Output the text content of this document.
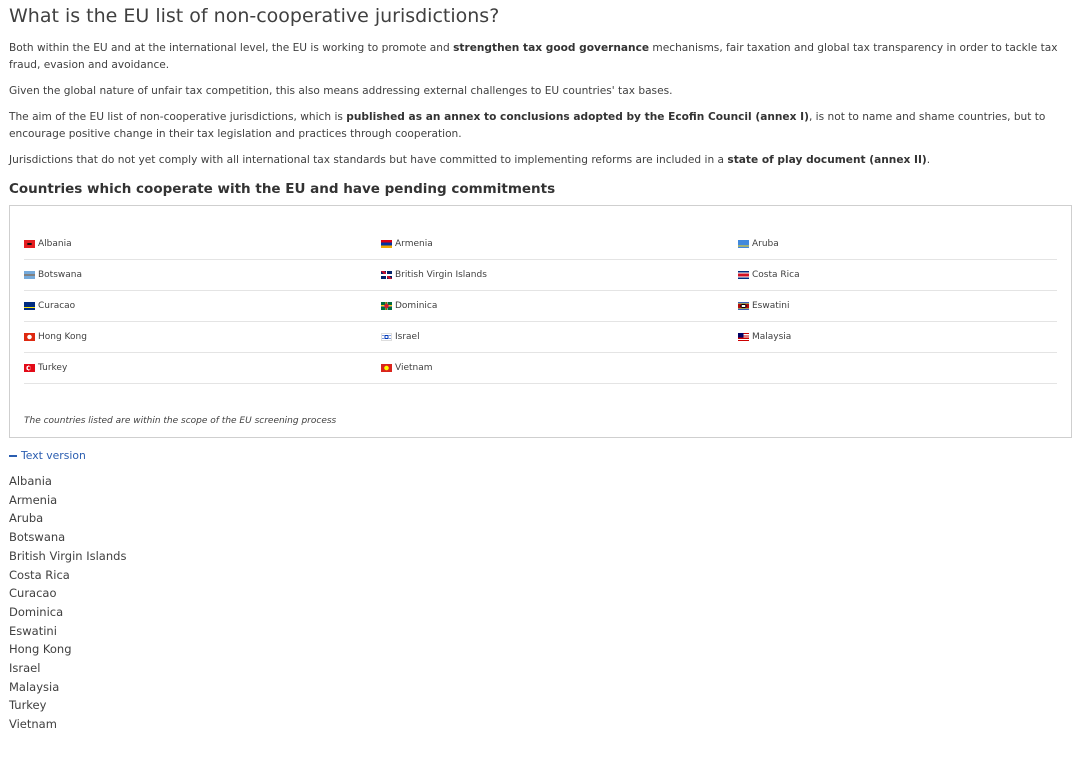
What is the EU list of non-cooperative jurisdictions?

Both within the EU and at the international level, the EU is working to promote and strengthen tax good governance mechanisms, fair taxation and global tax transparency in order to tackle tax fraud, evasion and avoidance.

Given the global nature of unfair tax competition, this also means addressing external challenges to EU countries' tax bases.

The aim of the EU list of non-cooperative jurisdictions, which is published as an annex to conclusions adopted by the Ecofin Council (annex I), is not to name and shame countries, but to encourage positive change in their tax legislation and practices through cooperation.

Jurisdictions that do not yet comply with all international tax standards but have committed to implementing reforms are included in a state of play document (annex II).

Countries which cooperate with the EU and have pending commitments
Albania	Armenia	Aruba
Botswana	British Virgin Islands	Costa Rica
Curacao	Dominica	Eswatini
Hong Kong	Israel	Malaysia
Turkey	Vietnam
The countries listed are within the scope of the EU screening process
Text version
Albania
Armenia
Aruba
Botswana
British Virgin Islands
Costa Rica
Curacao
Dominica
Eswatini
Hong Kong
Israel
Malaysia
Turkey
Vietnam
